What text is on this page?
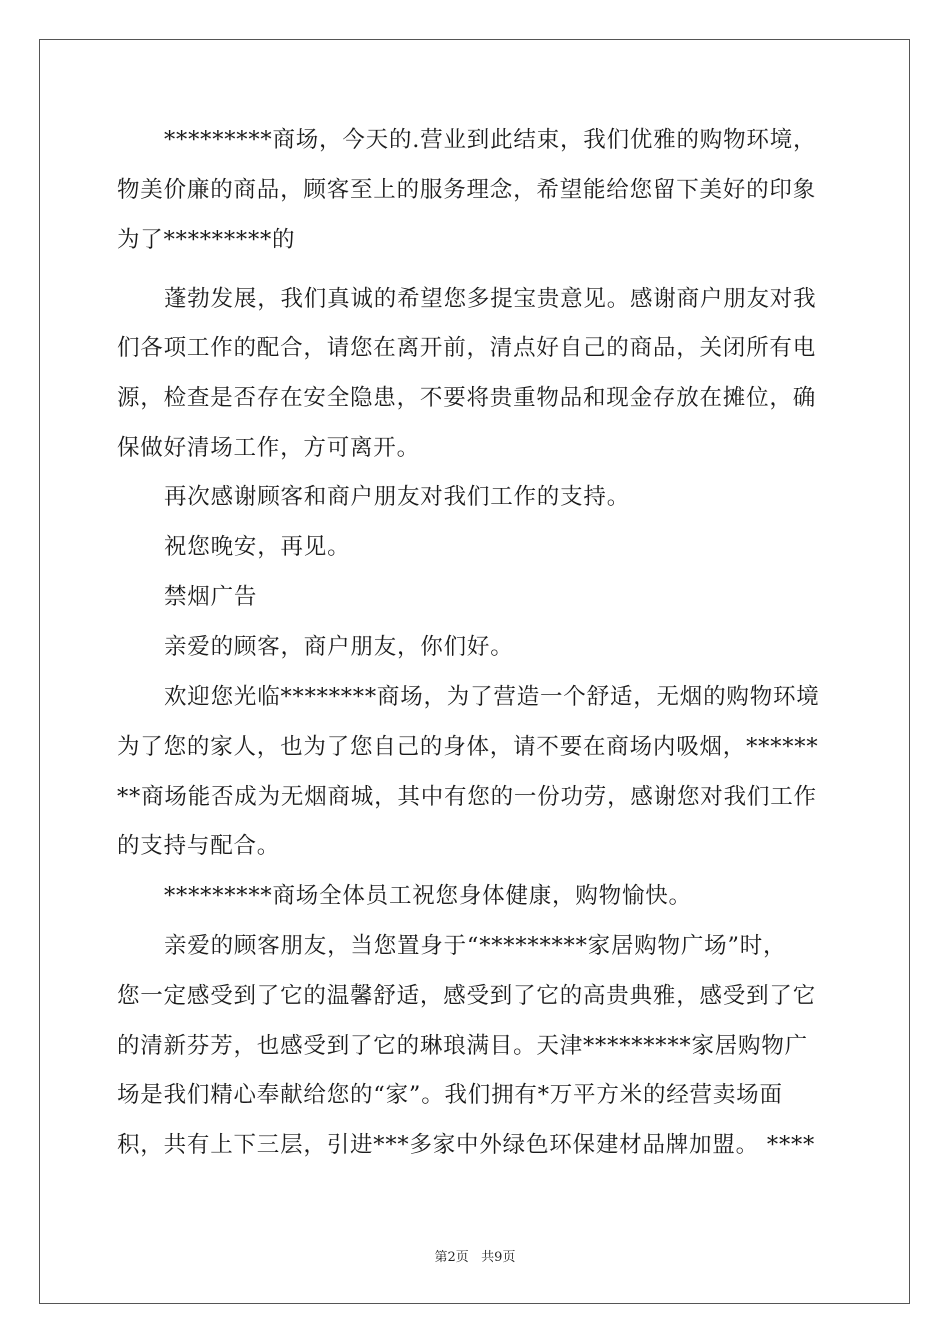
*********商场，今天的.营业到此结束，我们优雅的购物环境，
物美价廉的商品，顾客至上的服务理念，希望能给您留下美好的印象
为了*********的
蓬勃发展，我们真诚的希望您多提宝贵意见。感谢商户朋友对我
们各项工作的配合，请您在离开前，清点好自己的商品，关闭所有电
源，检查是否存在安全隐患，不要将贵重物品和现金存放在摊位，确
保做好清场工作，方可离开。
再次感谢顾客和商户朋友对我们工作的支持。
祝您晚安，再见。
禁烟广告
亲爱的顾客，商户朋友，你们好。
欢迎您光临********商场，为了营造一个舒适，无烟的购物环境
为了您的家人，也为了您自己的身体，请不要在商场内吸烟，******
**商场能否成为无烟商城，其中有您的一份功劳，感谢您对我们工作
的支持与配合。
*********商场全体员工祝您身体健康，购物愉快。
亲爱的顾客朋友，当您置身于“*********家居购物广场”时，
您一定感受到了它的温馨舒适，感受到了它的高贵典雅，感受到了它
的清新芬芳，也感受到了它的琳琅满目。天津*********家居购物广
场是我们精心奉献给您的“家”。我们拥有*万平方米的经营卖场面
积，共有上下三层，引进***多家中外绿色环保建材品牌加盟。 ****
第2页   共9页
